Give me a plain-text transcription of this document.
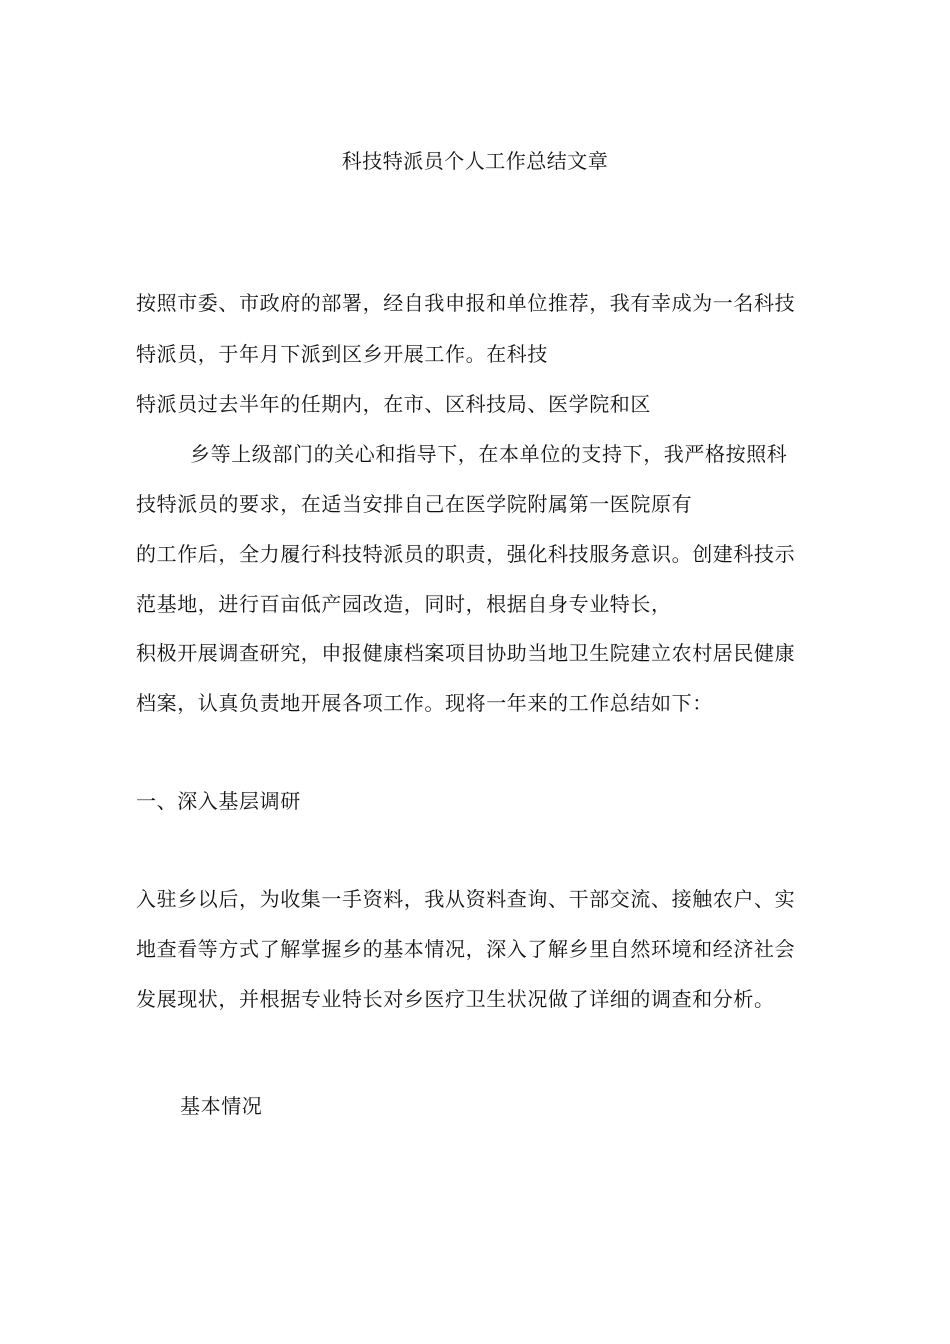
科技特派员个人工作总结文章
按照市委、市政府的部署，经自我申报和单位推荐，我有幸成为一名科技
特派员，于年月下派到区乡开展工作。在科技
特派员过去半年的任期内，在市、区科技局、医学院和区
乡等上级部门的关心和指导下，在本单位的支持下，我严格按照科
技特派员的要求，在适当安排自己在医学院附属第一医院原有
的工作后，全力履行科技特派员的职责，强化科技服务意识。创建科技示
范基地，进行百亩低产园改造，同时，根据自身专业特长，
积极开展调查研究，申报健康档案项目协助当地卫生院建立农村居民健康
档案，认真负责地开展各项工作。现将一年来的工作总结如下：
一、深入基层调研
入驻乡以后，为收集一手资料，我从资料查询、干部交流、接触农户、实
地查看等方式了解掌握乡的基本情况，深入了解乡里自然环境和经济社会
发展现状，并根据专业特长对乡医疗卫生状况做了详细的调查和分析。
基本情况
